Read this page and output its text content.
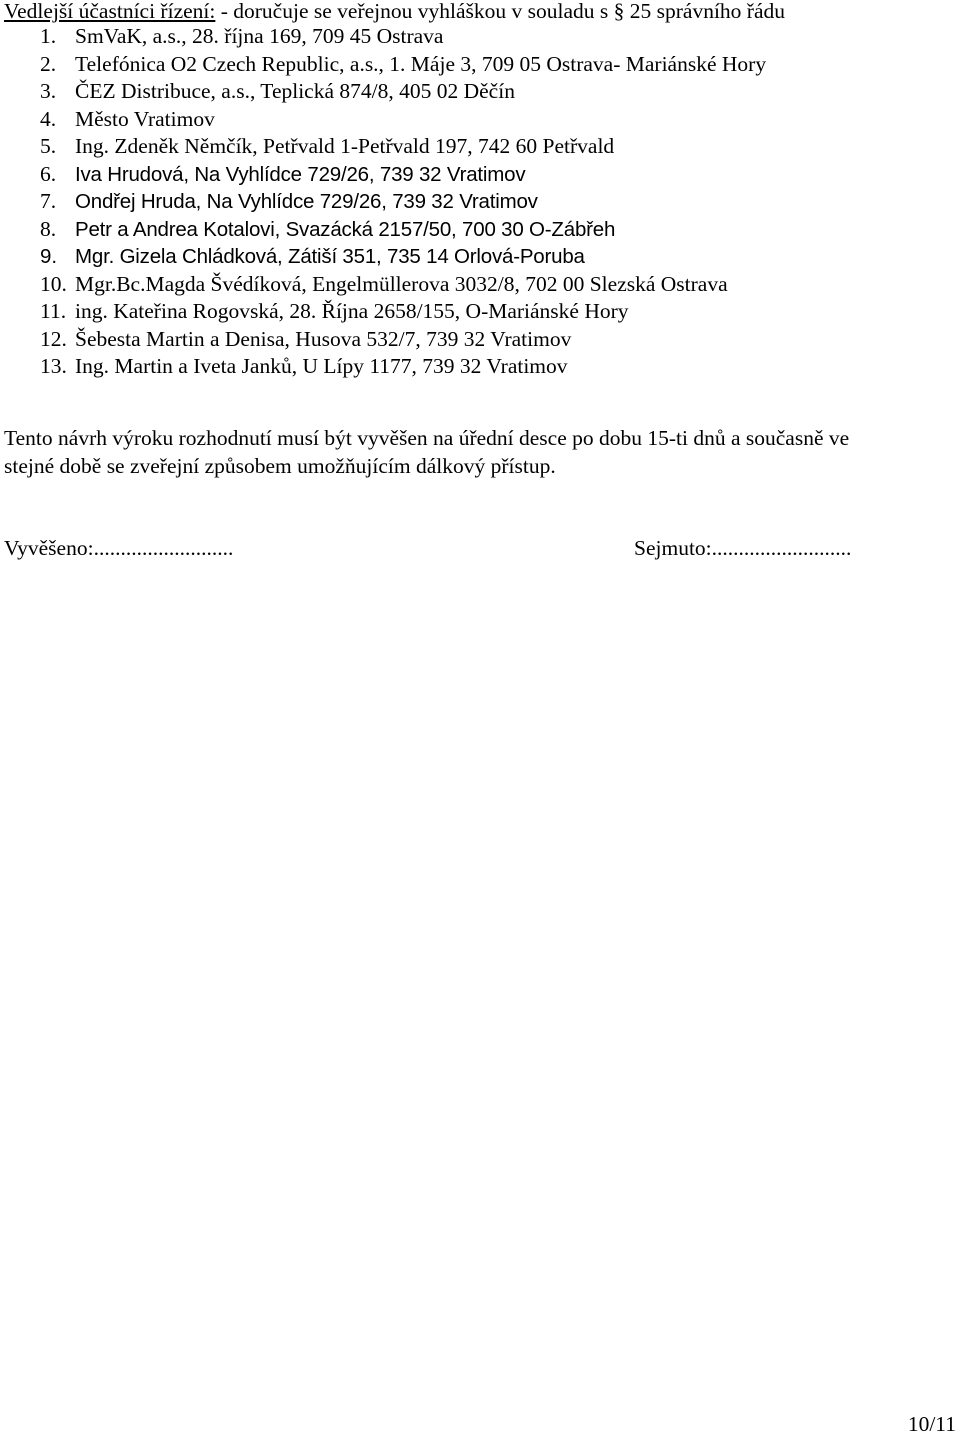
Vedlejší účastníci řízení: - doručuje se veřejnou vyhláškou v souladu s § 25 správního řádu
1. SmVaK, a.s., 28. října 169, 709 45 Ostrava
2. Telefónica O2 Czech Republic, a.s., 1. Máje 3, 709 05 Ostrava- Mariánské Hory
3. ČEZ Distribuce, a.s., Teplická 874/8, 405 02 Děčín
4. Město Vratimov
5. Ing. Zdeněk Němčík, Petřvald 1-Petřvald 197, 742 60 Petřvald
6. Iva Hrudová, Na Vyhlídce 729/26, 739 32 Vratimov
7. Ondřej Hruda, Na Vyhlídce 729/26, 739 32 Vratimov
8. Petr a Andrea Kotalovi, Svazácká 2157/50, 700 30 O-Zábřeh
9. Mgr. Gizela Chládková, Zátiší 351, 735 14 Orlová-Poruba
10. Mgr.Bc.Magda Švédíková, Engelmüllerova 3032/8, 702 00 Slezská Ostrava
11. ing. Kateřina Rogovská, 28. Října 2658/155, O-Mariánské Hory
12. Šebesta Martin a Denisa, Husova 532/7, 739 32 Vratimov
13. Ing. Martin a Iveta Janků, U Lípy 1177, 739 32 Vratimov

Tento návrh výroku rozhodnutí musí být vyvěšen na úřední desce po dobu 15-ti dnů a současně ve

stejné době se zveřejní způsobem umožňujícím dálkový přístup.

Vyvěšeno:..........................	Sejmuto:..........................
10/11
